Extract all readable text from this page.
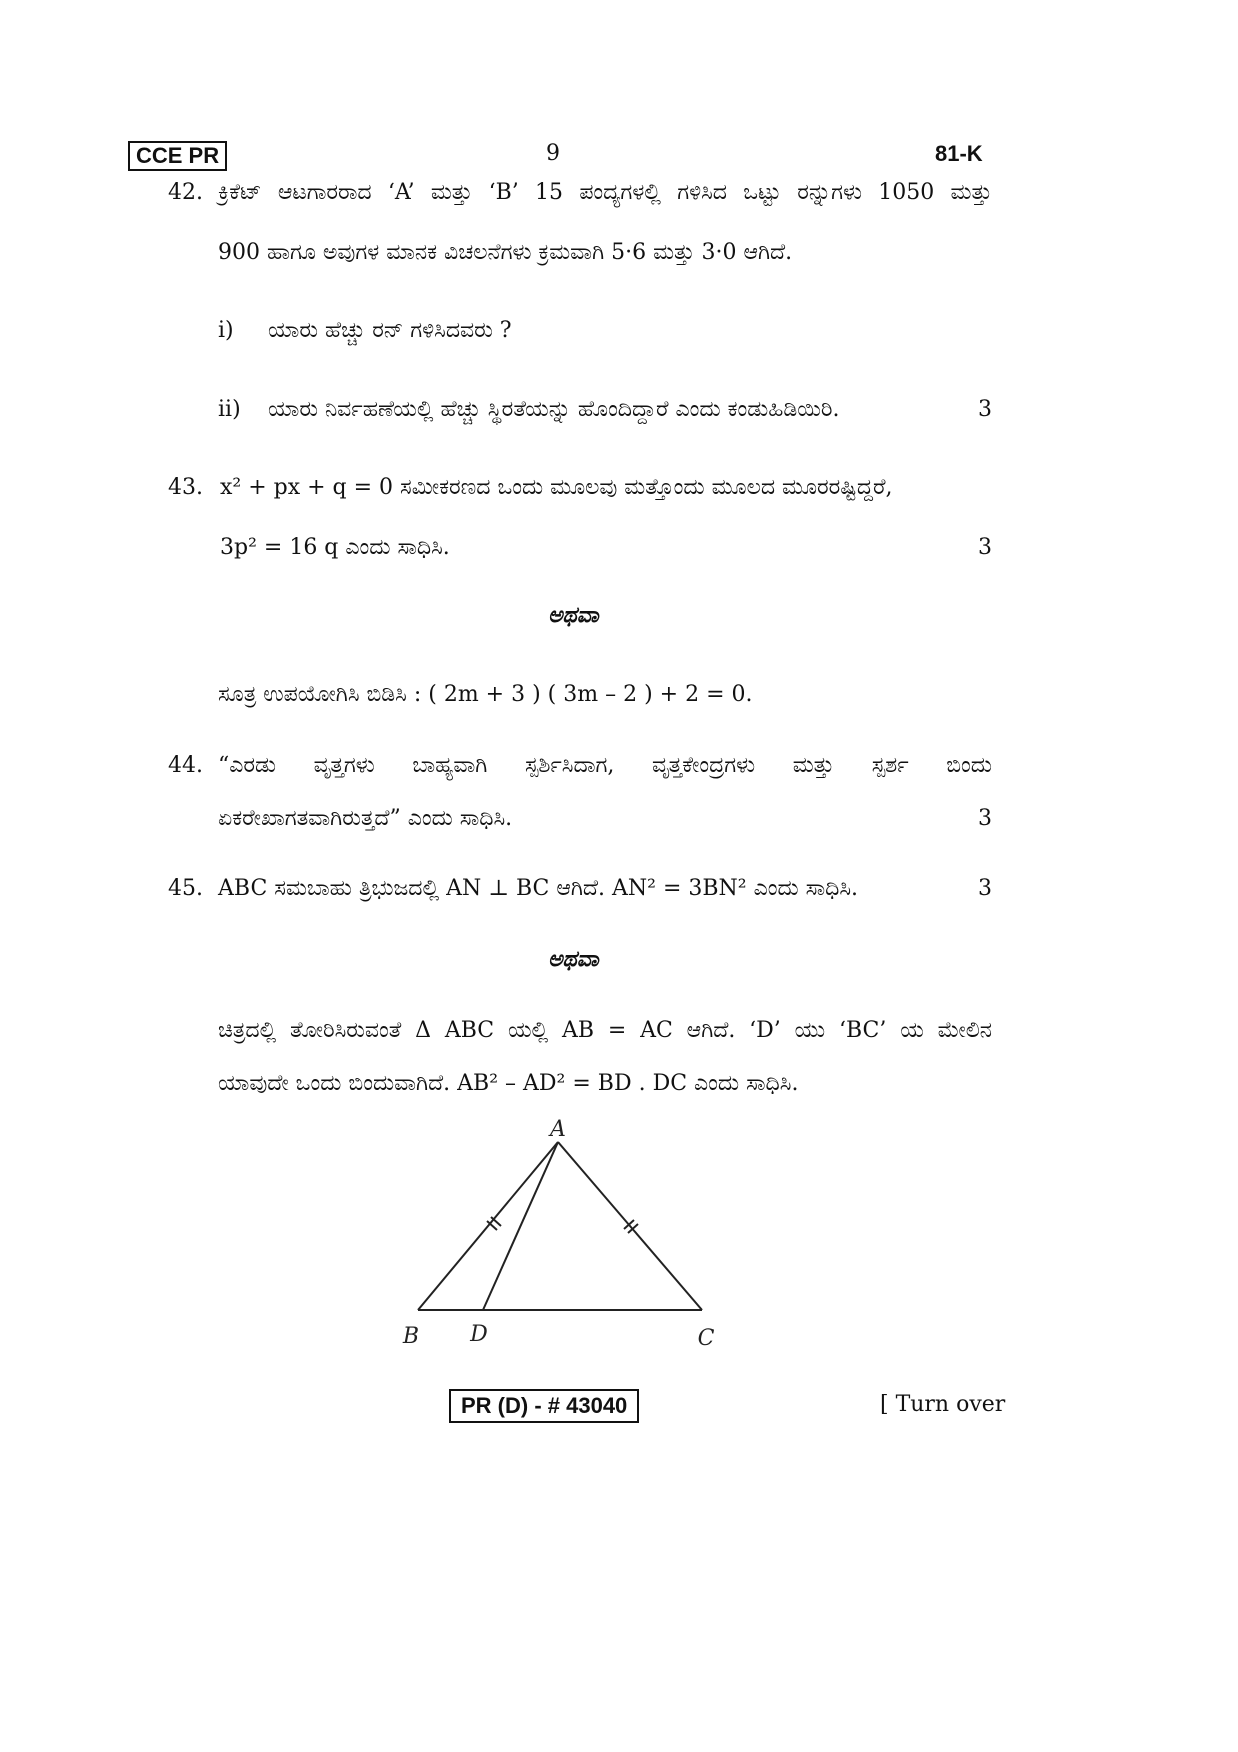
CCE PR	9	81-K
42. ಕ್ರಿಕೆಟ್ ಆಟಗಾರರಾದ ‘A’ ಮತ್ತು ‘B’ 15 ಪಂದ್ಯಗಳಲ್ಲಿ ಗಳಿಸಿದ ಒಟ್ಟು ರನ್ನುಗಳು 1050 ಮತ್ತು
900 ಹಾಗೂ ಅವುಗಳ ಮಾನಕ ವಿಚಲನೆಗಳು ಕ್ರಮವಾಗಿ 5·6 ಮತ್ತು 3·0 ಆಗಿದೆ.
i) ಯಾರು ಹೆಚ್ಚು ರನ್ ಗಳಿಸಿದವರು ?
ii) ಯಾರು ನಿರ್ವಹಣೆಯಲ್ಲಿ ಹೆಚ್ಚು ಸ್ಥಿರತೆಯನ್ನು ಹೊಂದಿದ್ದಾರೆ ಎಂದು ಕಂಡುಹಿಡಿಯಿರಿ.	3
43. x² + px + q = 0 ಸಮೀಕರಣದ ಒಂದು ಮೂಲವು ಮತ್ತೊಂದು ಮೂಲದ ಮೂರರಷ್ಟಿದ್ದರೆ,
3p² = 16 q ಎಂದು ಸಾಧಿಸಿ.	3
ಅಥವಾ
ಸೂತ್ರ ಉಪಯೋಗಿಸಿ ಬಿಡಿಸಿ : ( 2m + 3 ) ( 3m – 2 ) + 2 = 0.
44. “ಎರಡು ವೃತ್ತಗಳು ಬಾಹ್ಯವಾಗಿ ಸ್ಪರ್ಶಿಸಿದಾಗ, ವೃತ್ತಕೇಂದ್ರಗಳು ಮತ್ತು ಸ್ಪರ್ಶ ಬಿಂದು
ಏಕರೇಖಾಗತವಾಗಿರುತ್ತದೆ” ಎಂದು ಸಾಧಿಸಿ.	3
45. ABC ಸಮಬಾಹು ತ್ರಿಭುಜದಲ್ಲಿ AN ⊥ BC ಆಗಿದೆ. AN² = 3BN² ಎಂದು ಸಾಧಿಸಿ.	3
ಅಥವಾ
ಚಿತ್ರದಲ್ಲಿ ತೋರಿಸಿರುವಂತೆ Δ ABC ಯಲ್ಲಿ AB = AC ಆಗಿದೆ. ‘D’ ಯು ‘BC’ ಯ ಮೇಲಿನ
ಯಾವುದೇ ಒಂದು ಬಿಂದುವಾಗಿದೆ. AB² – AD² = BD . DC ಎಂದು ಸಾಧಿಸಿ.
A
B D	C
PR (D) - # 43040	[ Turn over
